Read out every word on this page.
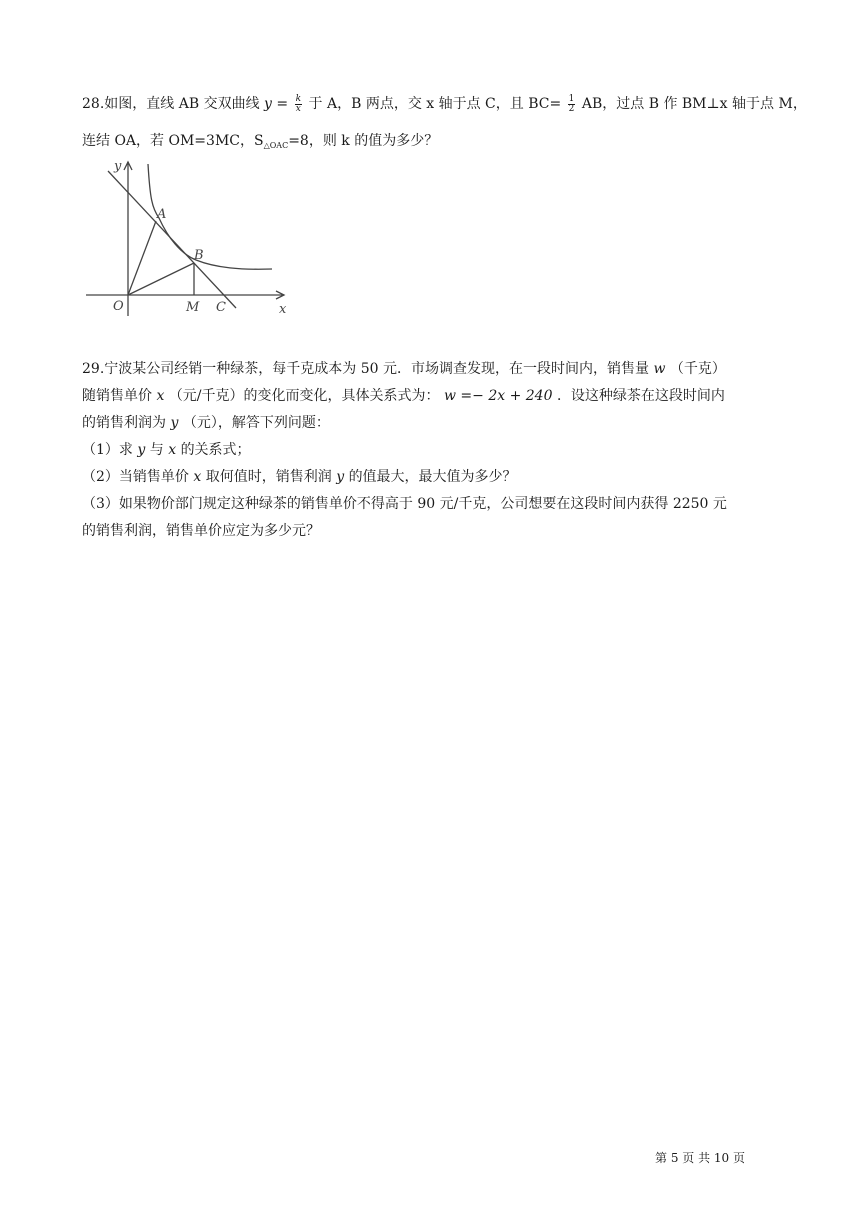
28.如图，直线 AB 交双曲线 $y = \frac{k}{x}$ 于 A，B 两点，交 x 轴于点 C，且 $BC= \frac{1}{2}$ AB，过点 B 作 BM⊥x 轴于点 M，
连结 OA，若 OM=3MC，$S_{\triangle OAC}=8$，则 k 的值为多少？
y
x
O
A
B
M C
29.宁波某公司经销一种绿茶，每千克成本为 50 元．市场调查发现，在一段时间内，销售量 w （千克）
随销售单价 x （元/千克）的变化而变化，具体关系式为： w =− 2x + 240 ．设这种绿茶在这段时间内
的销售利润为 y （元），解答下列问题：
（1）求 y 与 x 的关系式；
（2）当销售单价 x 取何值时，销售利润 y 的值最大，最大值为多少？
（3）如果物价部门规定这种绿茶的销售单价不得高于 90 元/千克，公司想要在这段时间内获得 2250 元
的销售利润，销售单价应定为多少元？
第 5 页 共 10 页
